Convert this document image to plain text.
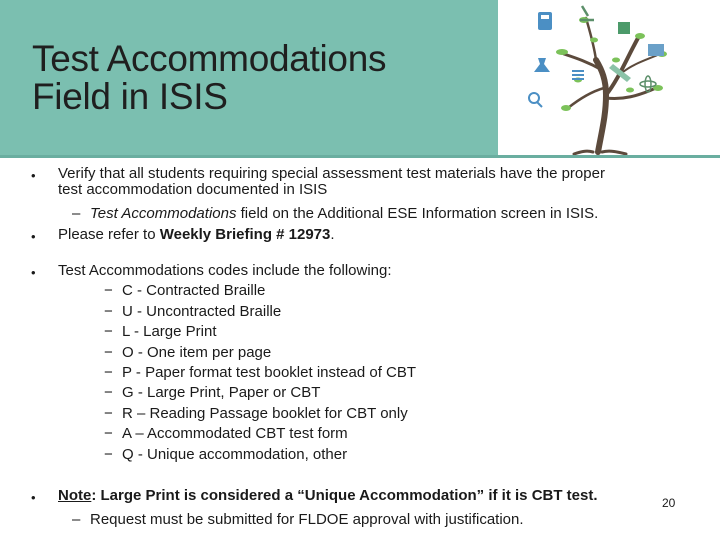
Test Accommodations
Field in ISIS
• Verify that all students requiring special assessment test materials have the proper
test accommodation documented in ISIS
– Test Accommodations field on the Additional ESE Information screen in ISIS.
• Please refer to Weekly Briefing # 12973.
• Test Accommodations codes include the following:
− C - Contracted Braille
− U - Uncontracted Braille
− L - Large Print
− O - One item per page
− P - Paper format test booklet instead of CBT
− G - Large Print, Paper or CBT
− R – Reading Passage booklet for CBT only
− A – Accommodated CBT test form
− Q - Unique accommodation, other
• Note: Large Print is considered a “Unique Accommodation” if it is CBT test.
– Request must be submitted for FLDOE approval with justification.
20
